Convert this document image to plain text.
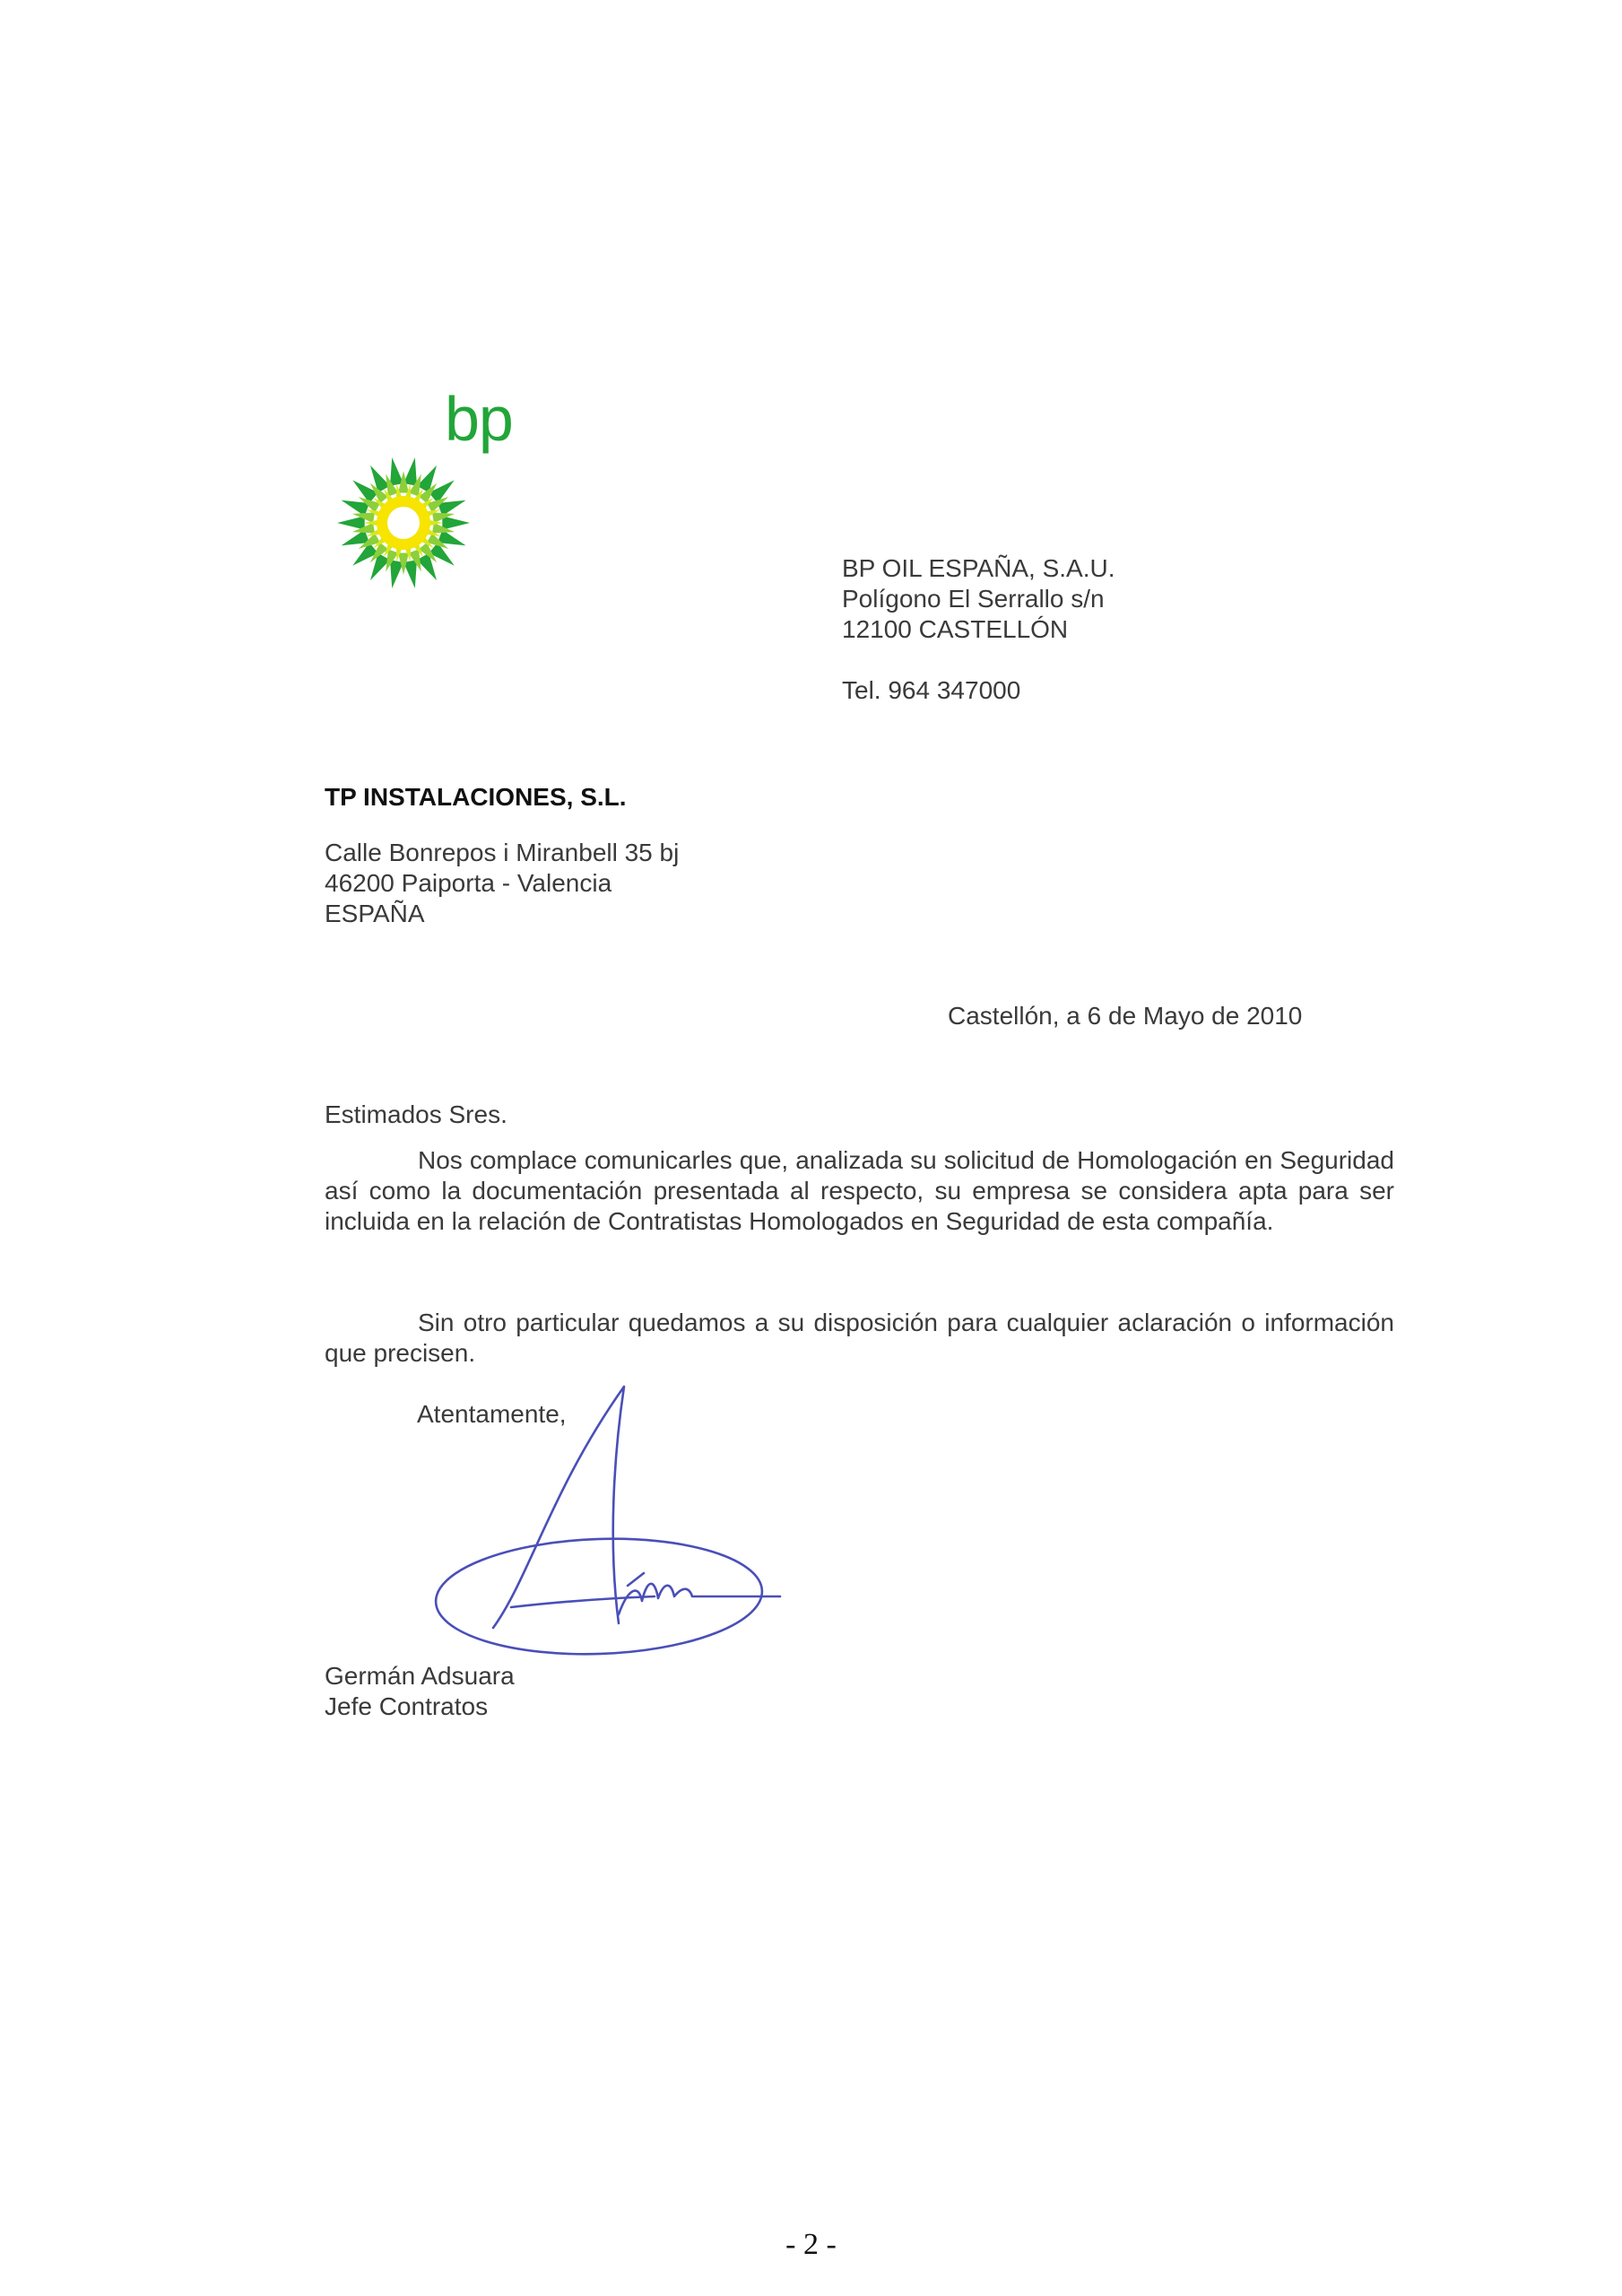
bp
BP OIL ESPAÑA, S.A.U.
Polígono El Serrallo s/n
12100 CASTELLÓN
Tel. 964 347000
TP INSTALACIONES, S.L.
Calle Bonrepos i Miranbell 35 bj
46200 Paiporta - Valencia
ESPAÑA
Castellón, a 6 de Mayo de 2010
Estimados Sres.
Nos complace comunicarles que, analizada su solicitud de Homologación en Seguridad así como la documentación presentada al respecto, su empresa se considera apta para ser incluida en la relación de Contratistas Homologados en Seguridad de esta compañía.
Sin otro particular quedamos a su disposición para cualquier aclaración o información que precisen.
Atentamente,
Germán Adsuara
Jefe Contratos
- 2 -
